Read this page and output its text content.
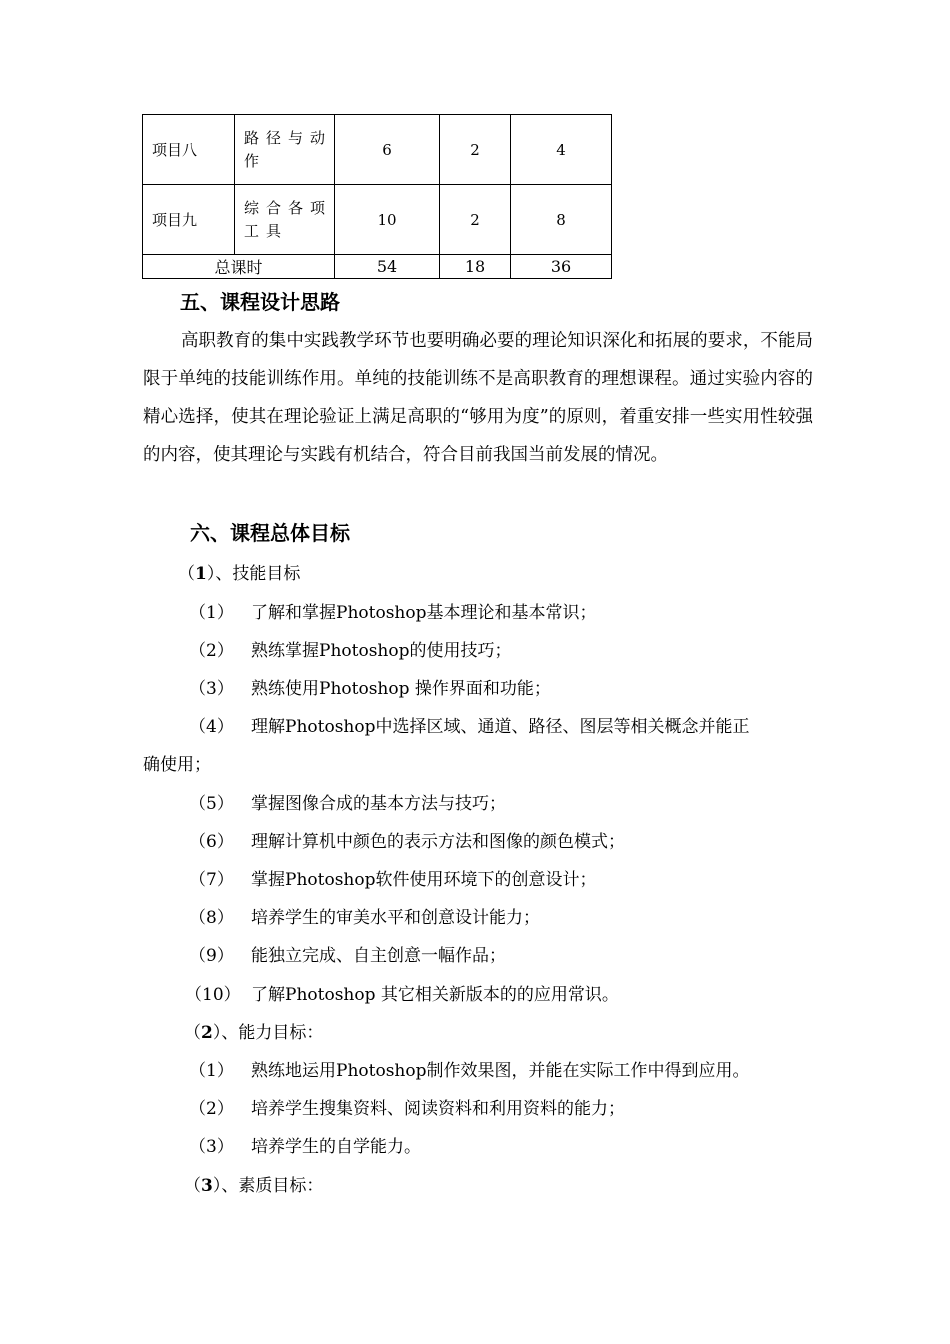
项目八	路径与动作	6	2	4
项目九	综合各项工具	10	2	8
总课时		54	18	36
五、课程设计思路

高职教育的集中实践教学环节也要明确必要的理论知识深化和拓展的要求，不能局限于单纯的技能训练作用。单纯的技能训练不是高职教育的理想课程。通过实验内容的精心选择，使其在理论验证上满足高职的“够用为度”的原则，着重安排一些实用性较强的内容，使其理论与实践有机结合，符合目前我国当前发展的情况。

六、课程总体目标

（1）、技能目标

（1） 了解和掌握Photoshop基本理论和基本常识；

（2） 熟练掌握Photoshop的使用技巧；

（3） 熟练使用Photoshop 操作界面和功能；

（4） 理解Photoshop中选择区域、通道、路径、图层等相关概念并能正

确使用；

（5） 掌握图像合成的基本方法与技巧；

（6） 理解计算机中颜色的表示方法和图像的颜色模式；

（7） 掌握Photoshop软件使用环境下的创意设计；

（8） 培养学生的审美水平和创意设计能力；

（9） 能独立完成、自主创意一幅作品；

（10） 了解Photoshop 其它相关新版本的的应用常识。

（2）、能力目标：

（1） 熟练地运用Photoshop制作效果图，并能在实际工作中得到应用。

（2） 培养学生搜集资料、阅读资料和利用资料的能力；

（3） 培养学生的自学能力。

（3）、素质目标：
